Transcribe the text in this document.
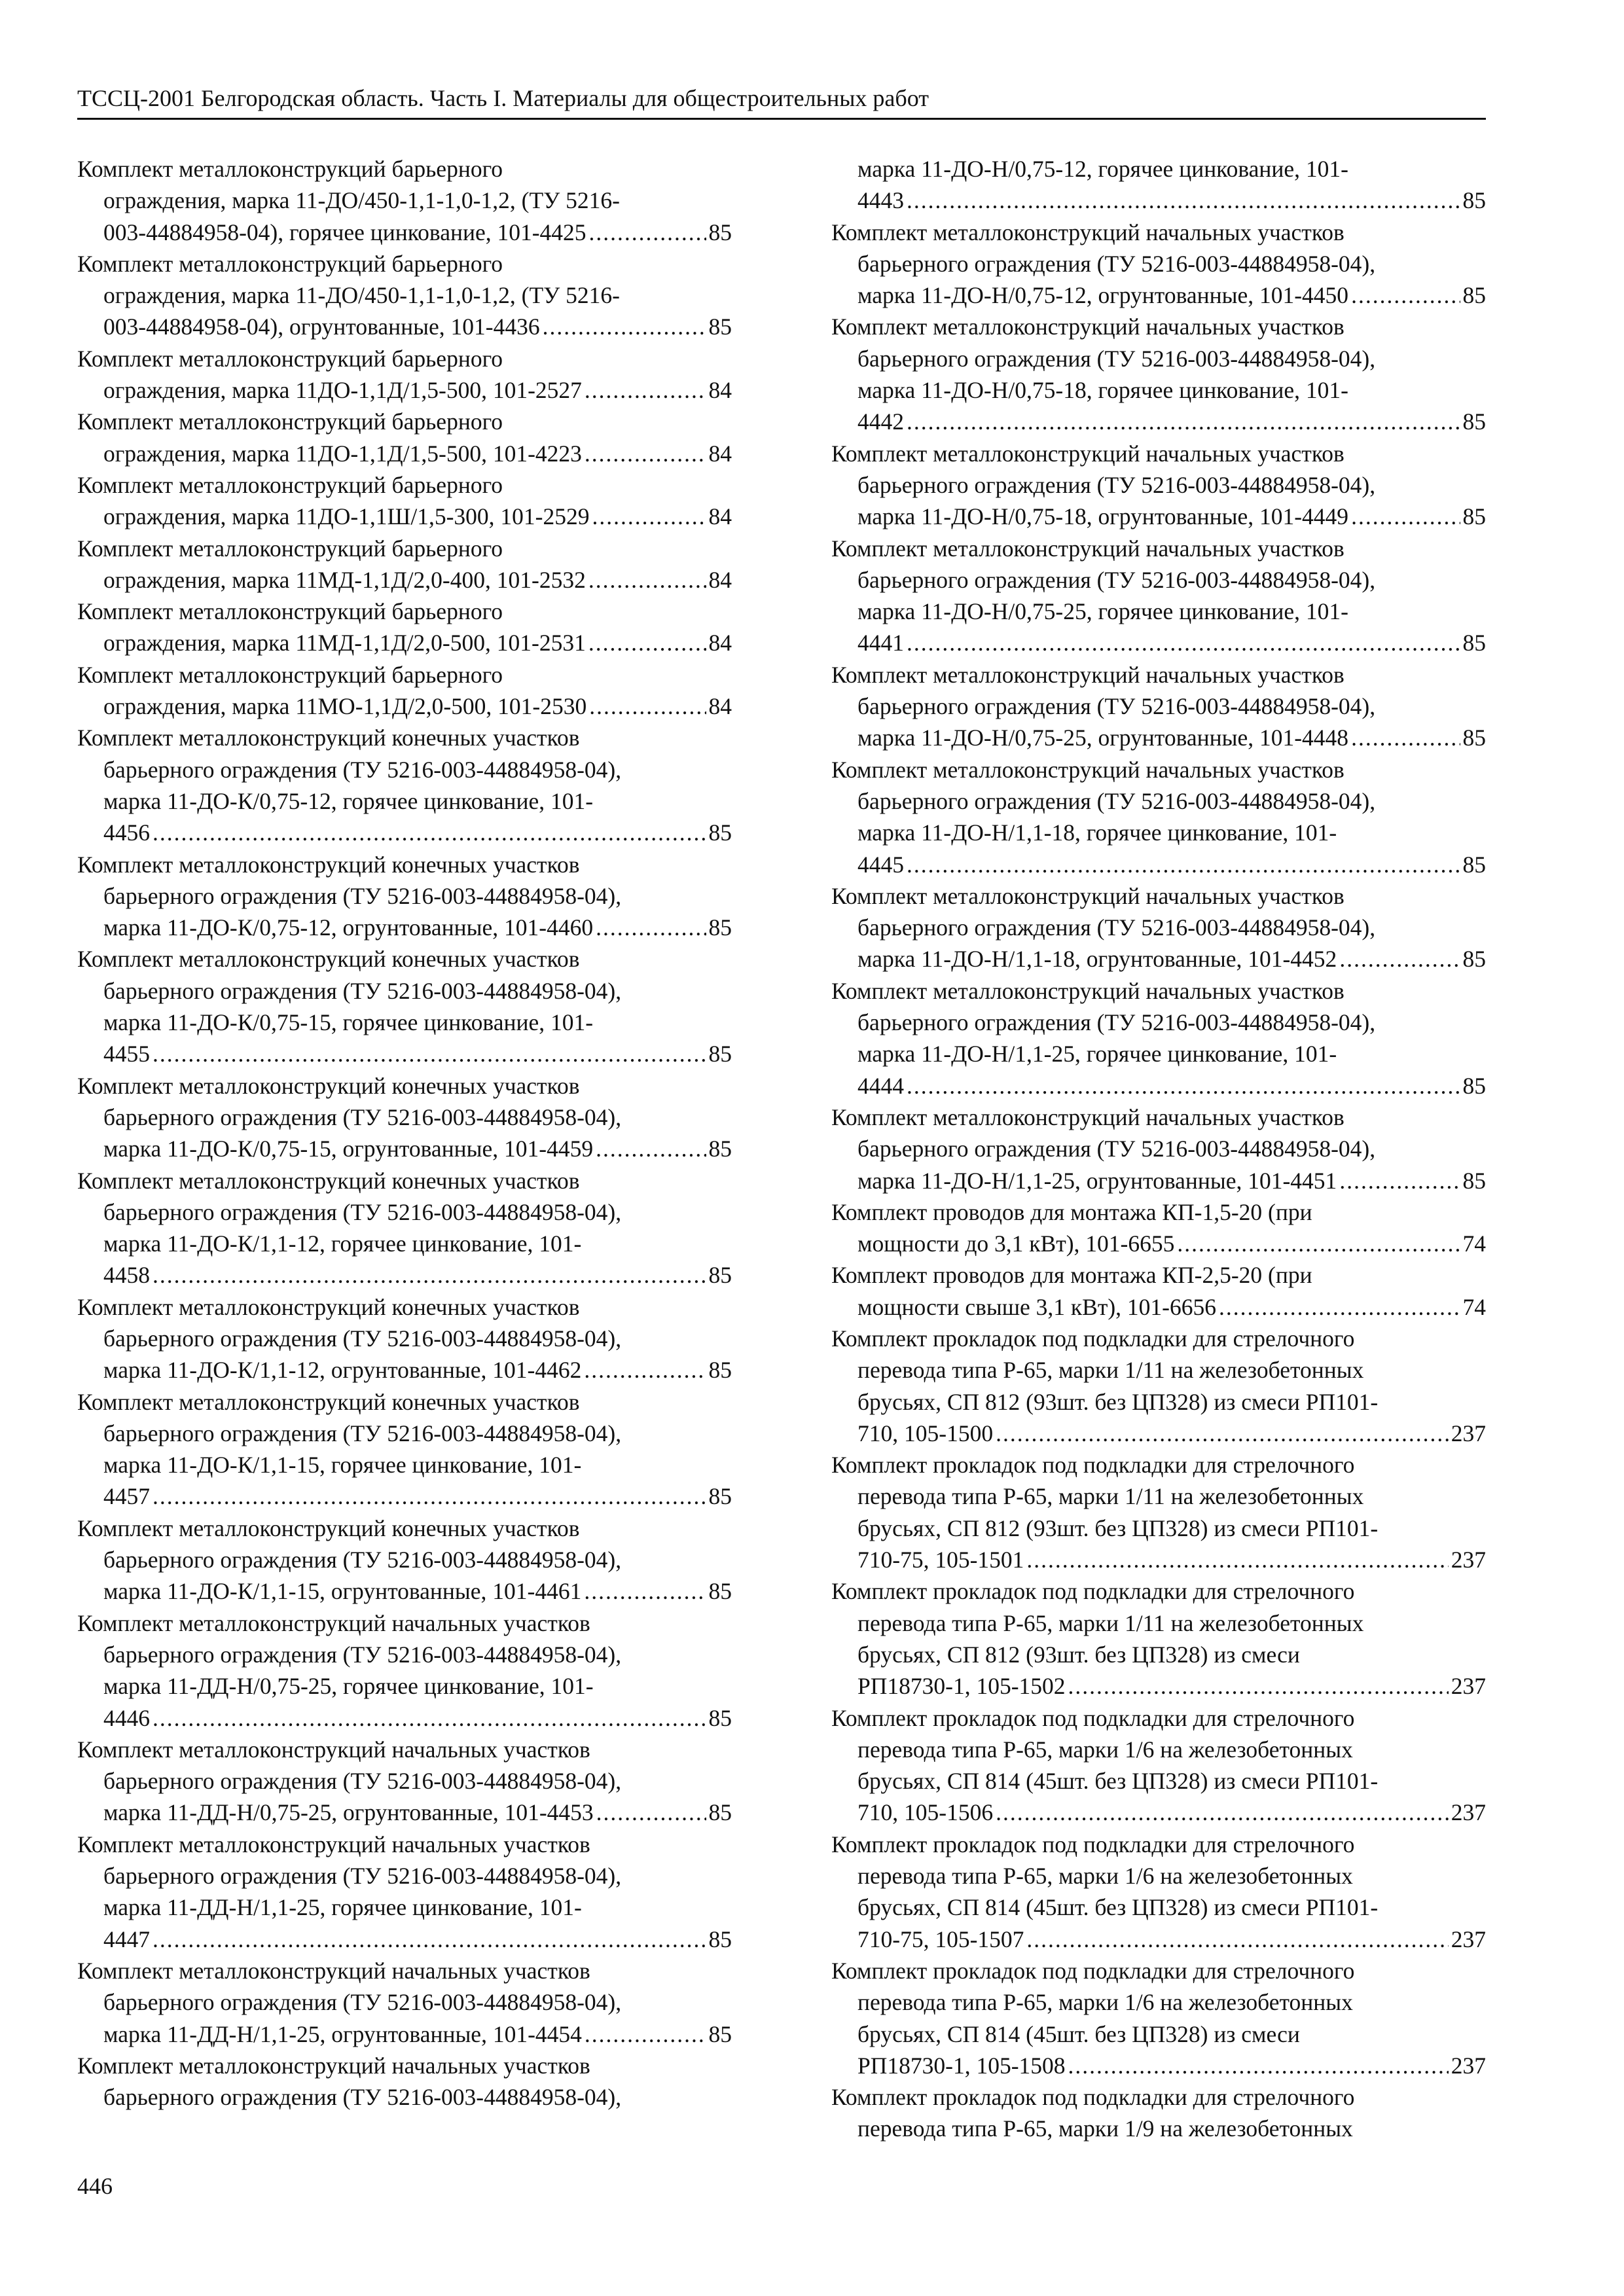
ТССЦ-2001 Белгородская область. Часть I. Материалы для общестроительных работ
Комплект металлоконструкций барьерного
ограждения, марка 11-ДО/450-1,1-1,0-1,2, (ТУ 5216-
003-44884958-04), горячее цинкование, 101-4425 .....	85
Комплект металлоконструкций барьерного
ограждения, марка 11-ДО/450-1,1-1,0-1,2, (ТУ 5216-
003-44884958-04), огрунтованные, 101-4436 .....	85
Комплект металлоконструкций барьерного
ограждения, марка 11ДО-1,1Д/1,5-500, 101-2527 .....	84
Комплект металлоконструкций барьерного
ограждения, марка 11ДО-1,1Д/1,5-500, 101-4223 .....	84
Комплект металлоконструкций барьерного
ограждения, марка 11ДО-1,1Ш/1,5-300, 101-2529 .....	84
Комплект металлоконструкций барьерного
ограждения, марка 11МД-1,1Д/2,0-400, 101-2532 .....	84
Комплект металлоконструкций барьерного
ограждения, марка 11МД-1,1Д/2,0-500, 101-2531 .....	84
Комплект металлоконструкций барьерного
ограждения, марка 11МО-1,1Д/2,0-500, 101-2530 .....	84
Комплект металлоконструкций конечных участков
барьерного ограждения (ТУ 5216-003-44884958-04),
марка 11-ДО-К/0,75-12, горячее цинкование, 101-
4456 .....	85
Комплект металлоконструкций конечных участков
барьерного ограждения (ТУ 5216-003-44884958-04),
марка 11-ДО-К/0,75-12, огрунтованные, 101-4460 .....	85
Комплект металлоконструкций конечных участков
барьерного ограждения (ТУ 5216-003-44884958-04),
марка 11-ДО-К/0,75-15, горячее цинкование, 101-
4455 .....	85
Комплект металлоконструкций конечных участков
барьерного ограждения (ТУ 5216-003-44884958-04),
марка 11-ДО-К/0,75-15, огрунтованные, 101-4459 .....	85
Комплект металлоконструкций конечных участков
барьерного ограждения (ТУ 5216-003-44884958-04),
марка 11-ДО-К/1,1-12, горячее цинкование, 101-
4458 .....	85
Комплект металлоконструкций конечных участков
барьерного ограждения (ТУ 5216-003-44884958-04),
марка 11-ДО-К/1,1-12, огрунтованные, 101-4462 .....	85
Комплект металлоконструкций конечных участков
барьерного ограждения (ТУ 5216-003-44884958-04),
марка 11-ДО-К/1,1-15, горячее цинкование, 101-
4457 .....	85
Комплект металлоконструкций конечных участков
барьерного ограждения (ТУ 5216-003-44884958-04),
марка 11-ДО-К/1,1-15, огрунтованные, 101-4461 .....	85
Комплект металлоконструкций начальных участков
барьерного ограждения (ТУ 5216-003-44884958-04),
марка 11-ДД-Н/0,75-25, горячее цинкование, 101-
4446 .....	85
Комплект металлоконструкций начальных участков
барьерного ограждения (ТУ 5216-003-44884958-04),
марка 11-ДД-Н/0,75-25, огрунтованные, 101-4453 .....	85
Комплект металлоконструкций начальных участков
барьерного ограждения (ТУ 5216-003-44884958-04),
марка 11-ДД-Н/1,1-25, горячее цинкование, 101-
4447 .....	85
Комплект металлоконструкций начальных участков
барьерного ограждения (ТУ 5216-003-44884958-04),
марка 11-ДД-Н/1,1-25, огрунтованные, 101-4454 .....	85
Комплект металлоконструкций начальных участков
барьерного ограждения (ТУ 5216-003-44884958-04),
марка 11-ДО-Н/0,75-12, горячее цинкование, 101-
4443 .....	85
Комплект металлоконструкций начальных участков
барьерного ограждения (ТУ 5216-003-44884958-04),
марка 11-ДО-Н/0,75-12, огрунтованные, 101-4450 .....	85
Комплект металлоконструкций начальных участков
барьерного ограждения (ТУ 5216-003-44884958-04),
марка 11-ДО-Н/0,75-18, горячее цинкование, 101-
4442 .....	85
Комплект металлоконструкций начальных участков
барьерного ограждения (ТУ 5216-003-44884958-04),
марка 11-ДО-Н/0,75-18, огрунтованные, 101-4449 .....	85
Комплект металлоконструкций начальных участков
барьерного ограждения (ТУ 5216-003-44884958-04),
марка 11-ДО-Н/0,75-25, горячее цинкование, 101-
4441 .....	85
Комплект металлоконструкций начальных участков
барьерного ограждения (ТУ 5216-003-44884958-04),
марка 11-ДО-Н/0,75-25, огрунтованные, 101-4448 .....	85
Комплект металлоконструкций начальных участков
барьерного ограждения (ТУ 5216-003-44884958-04),
марка 11-ДО-Н/1,1-18, горячее цинкование, 101-
4445 .....	85
Комплект металлоконструкций начальных участков
барьерного ограждения (ТУ 5216-003-44884958-04),
марка 11-ДО-Н/1,1-18, огрунтованные, 101-4452 .....	85
Комплект металлоконструкций начальных участков
барьерного ограждения (ТУ 5216-003-44884958-04),
марка 11-ДО-Н/1,1-25, горячее цинкование, 101-
4444 .....	85
Комплект металлоконструкций начальных участков
барьерного ограждения (ТУ 5216-003-44884958-04),
марка 11-ДО-Н/1,1-25, огрунтованные, 101-4451 .....	85
Комплект проводов для монтажа КП-1,5-20 (при
мощности до 3,1 кВт), 101-6655 .....	74
Комплект проводов для монтажа КП-2,5-20 (при
мощности свыше 3,1 кВт), 101-6656 .....	74
Комплект прокладок под подкладки для стрелочного
перевода типа Р-65, марки 1/11 на железобетонных
брусьях, СП 812 (93шт. без ЦП328) из смеси РП101-
710, 105-1500 .....	237
Комплект прокладок под подкладки для стрелочного
перевода типа Р-65, марки 1/11 на железобетонных
брусьях, СП 812 (93шт. без ЦП328) из смеси РП101-
710-75, 105-1501 .....	237
Комплект прокладок под подкладки для стрелочного
перевода типа Р-65, марки 1/11 на железобетонных
брусьях, СП 812 (93шт. без ЦП328) из смеси
РП18730-1, 105-1502 .....	237
Комплект прокладок под подкладки для стрелочного
перевода типа Р-65, марки 1/6 на железобетонных
брусьях, СП 814 (45шт. без ЦП328) из смеси РП101-
710, 105-1506 .....	237
Комплект прокладок под подкладки для стрелочного
перевода типа Р-65, марки 1/6 на железобетонных
брусьях, СП 814 (45шт. без ЦП328) из смеси РП101-
710-75, 105-1507 .....	237
Комплект прокладок под подкладки для стрелочного
перевода типа Р-65, марки 1/6 на железобетонных
брусьях, СП 814 (45шт. без ЦП328) из смеси
РП18730-1, 105-1508 .....	237
Комплект прокладок под подкладки для стрелочного
перевода типа Р-65, марки 1/9 на железобетонных
446
